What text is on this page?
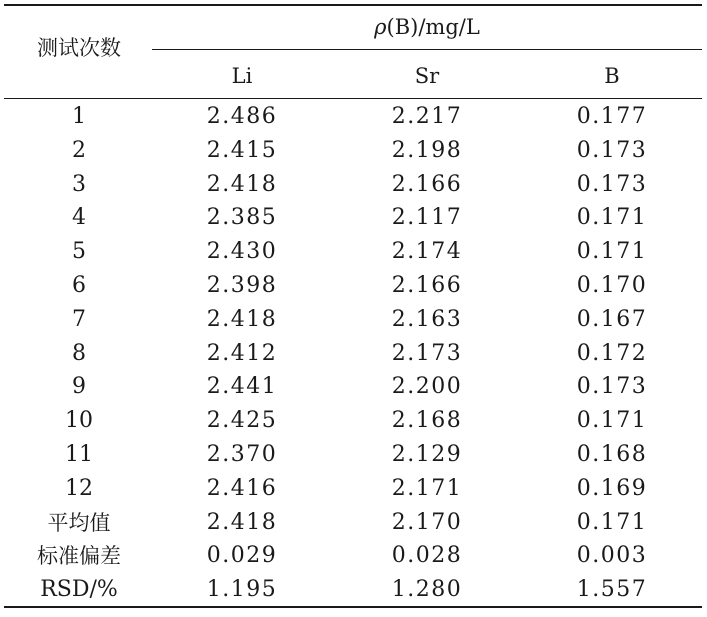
测试次数
ρ(B)/mg/L
Li	Sr	B
1	2.486	2.217	0.177
2	2.415	2.198	0.173
3	2.418	2.166	0.173
4	2.385	2.117	0.171
5	2.430	2.174	0.171
6	2.398	2.166	0.170
7	2.418	2.163	0.167
8	2.412	2.173	0.172
9	2.441	2.200	0.173
10	2.425	2.168	0.171
11	2.370	2.129	0.168
12	2.416	2.171	0.169
平均值	2.418	2.170	0.171
标准偏差	0.029	0.028	0.003
RSD/%	1.195	1.280	1.557
